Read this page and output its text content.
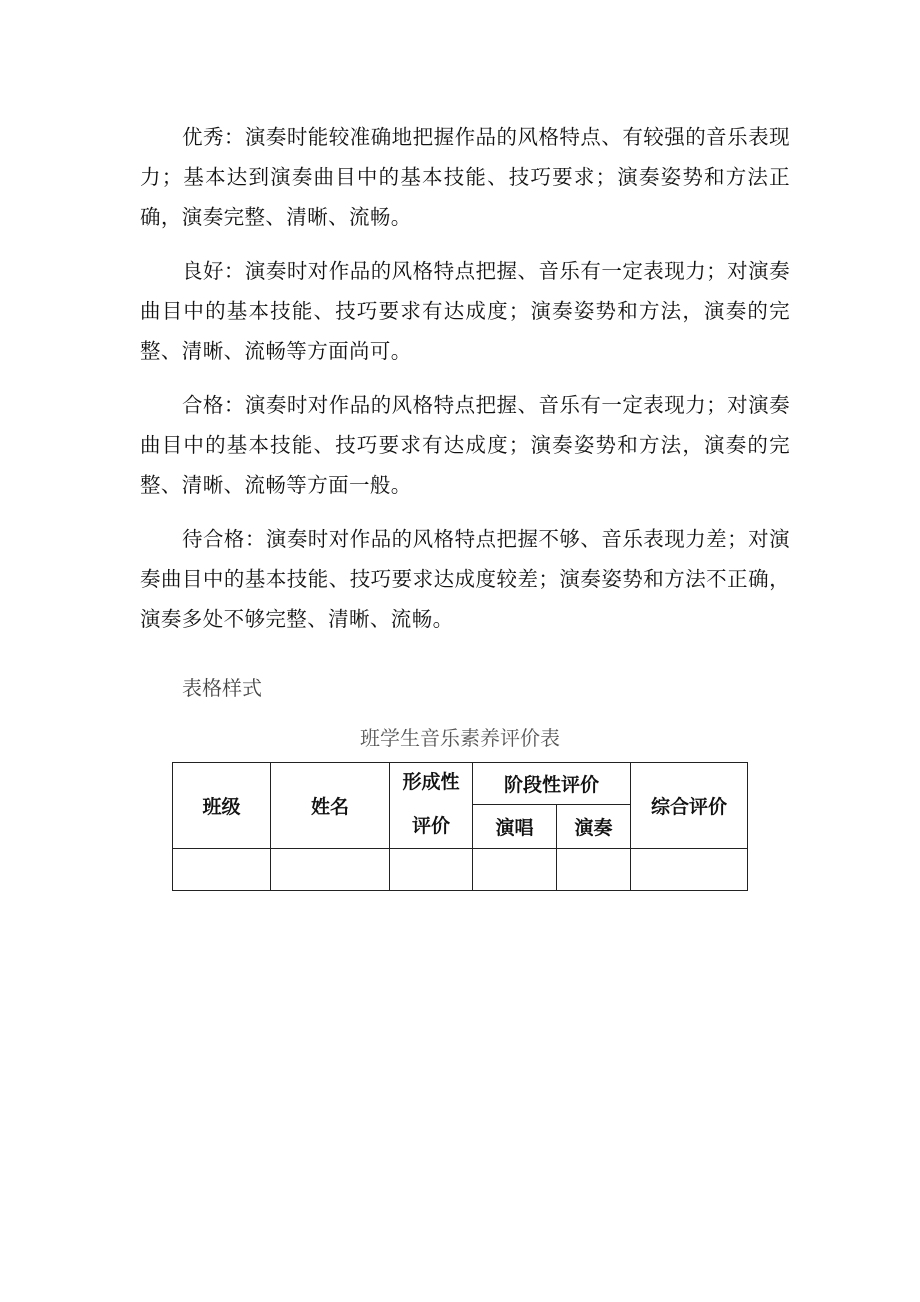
优秀：演奏时能较准确地把握作品的风格特点、有较强的音乐表现力；基本达到演奏曲目中的基本技能、技巧要求；演奏姿势和方法正确，演奏完整、清晰、流畅。

良好：演奏时对作品的风格特点把握、音乐有一定表现力；对演奏曲目中的基本技能、技巧要求有达成度；演奏姿势和方法，演奏的完整、清晰、流畅等方面尚可。

合格：演奏时对作品的风格特点把握、音乐有一定表现力；对演奏曲目中的基本技能、技巧要求有达成度；演奏姿势和方法，演奏的完整、清晰、流畅等方面一般。

待合格：演奏时对作品的风格特点把握不够、音乐表现力差；对演奏曲目中的基本技能、技巧要求达成度较差；演奏姿势和方法不正确，演奏多处不够完整、清晰、流畅。

表格样式
班学生音乐素养评价表
班级	姓名	形成性	阶段性评价		综合评价
		评价	演唱	演奏	
